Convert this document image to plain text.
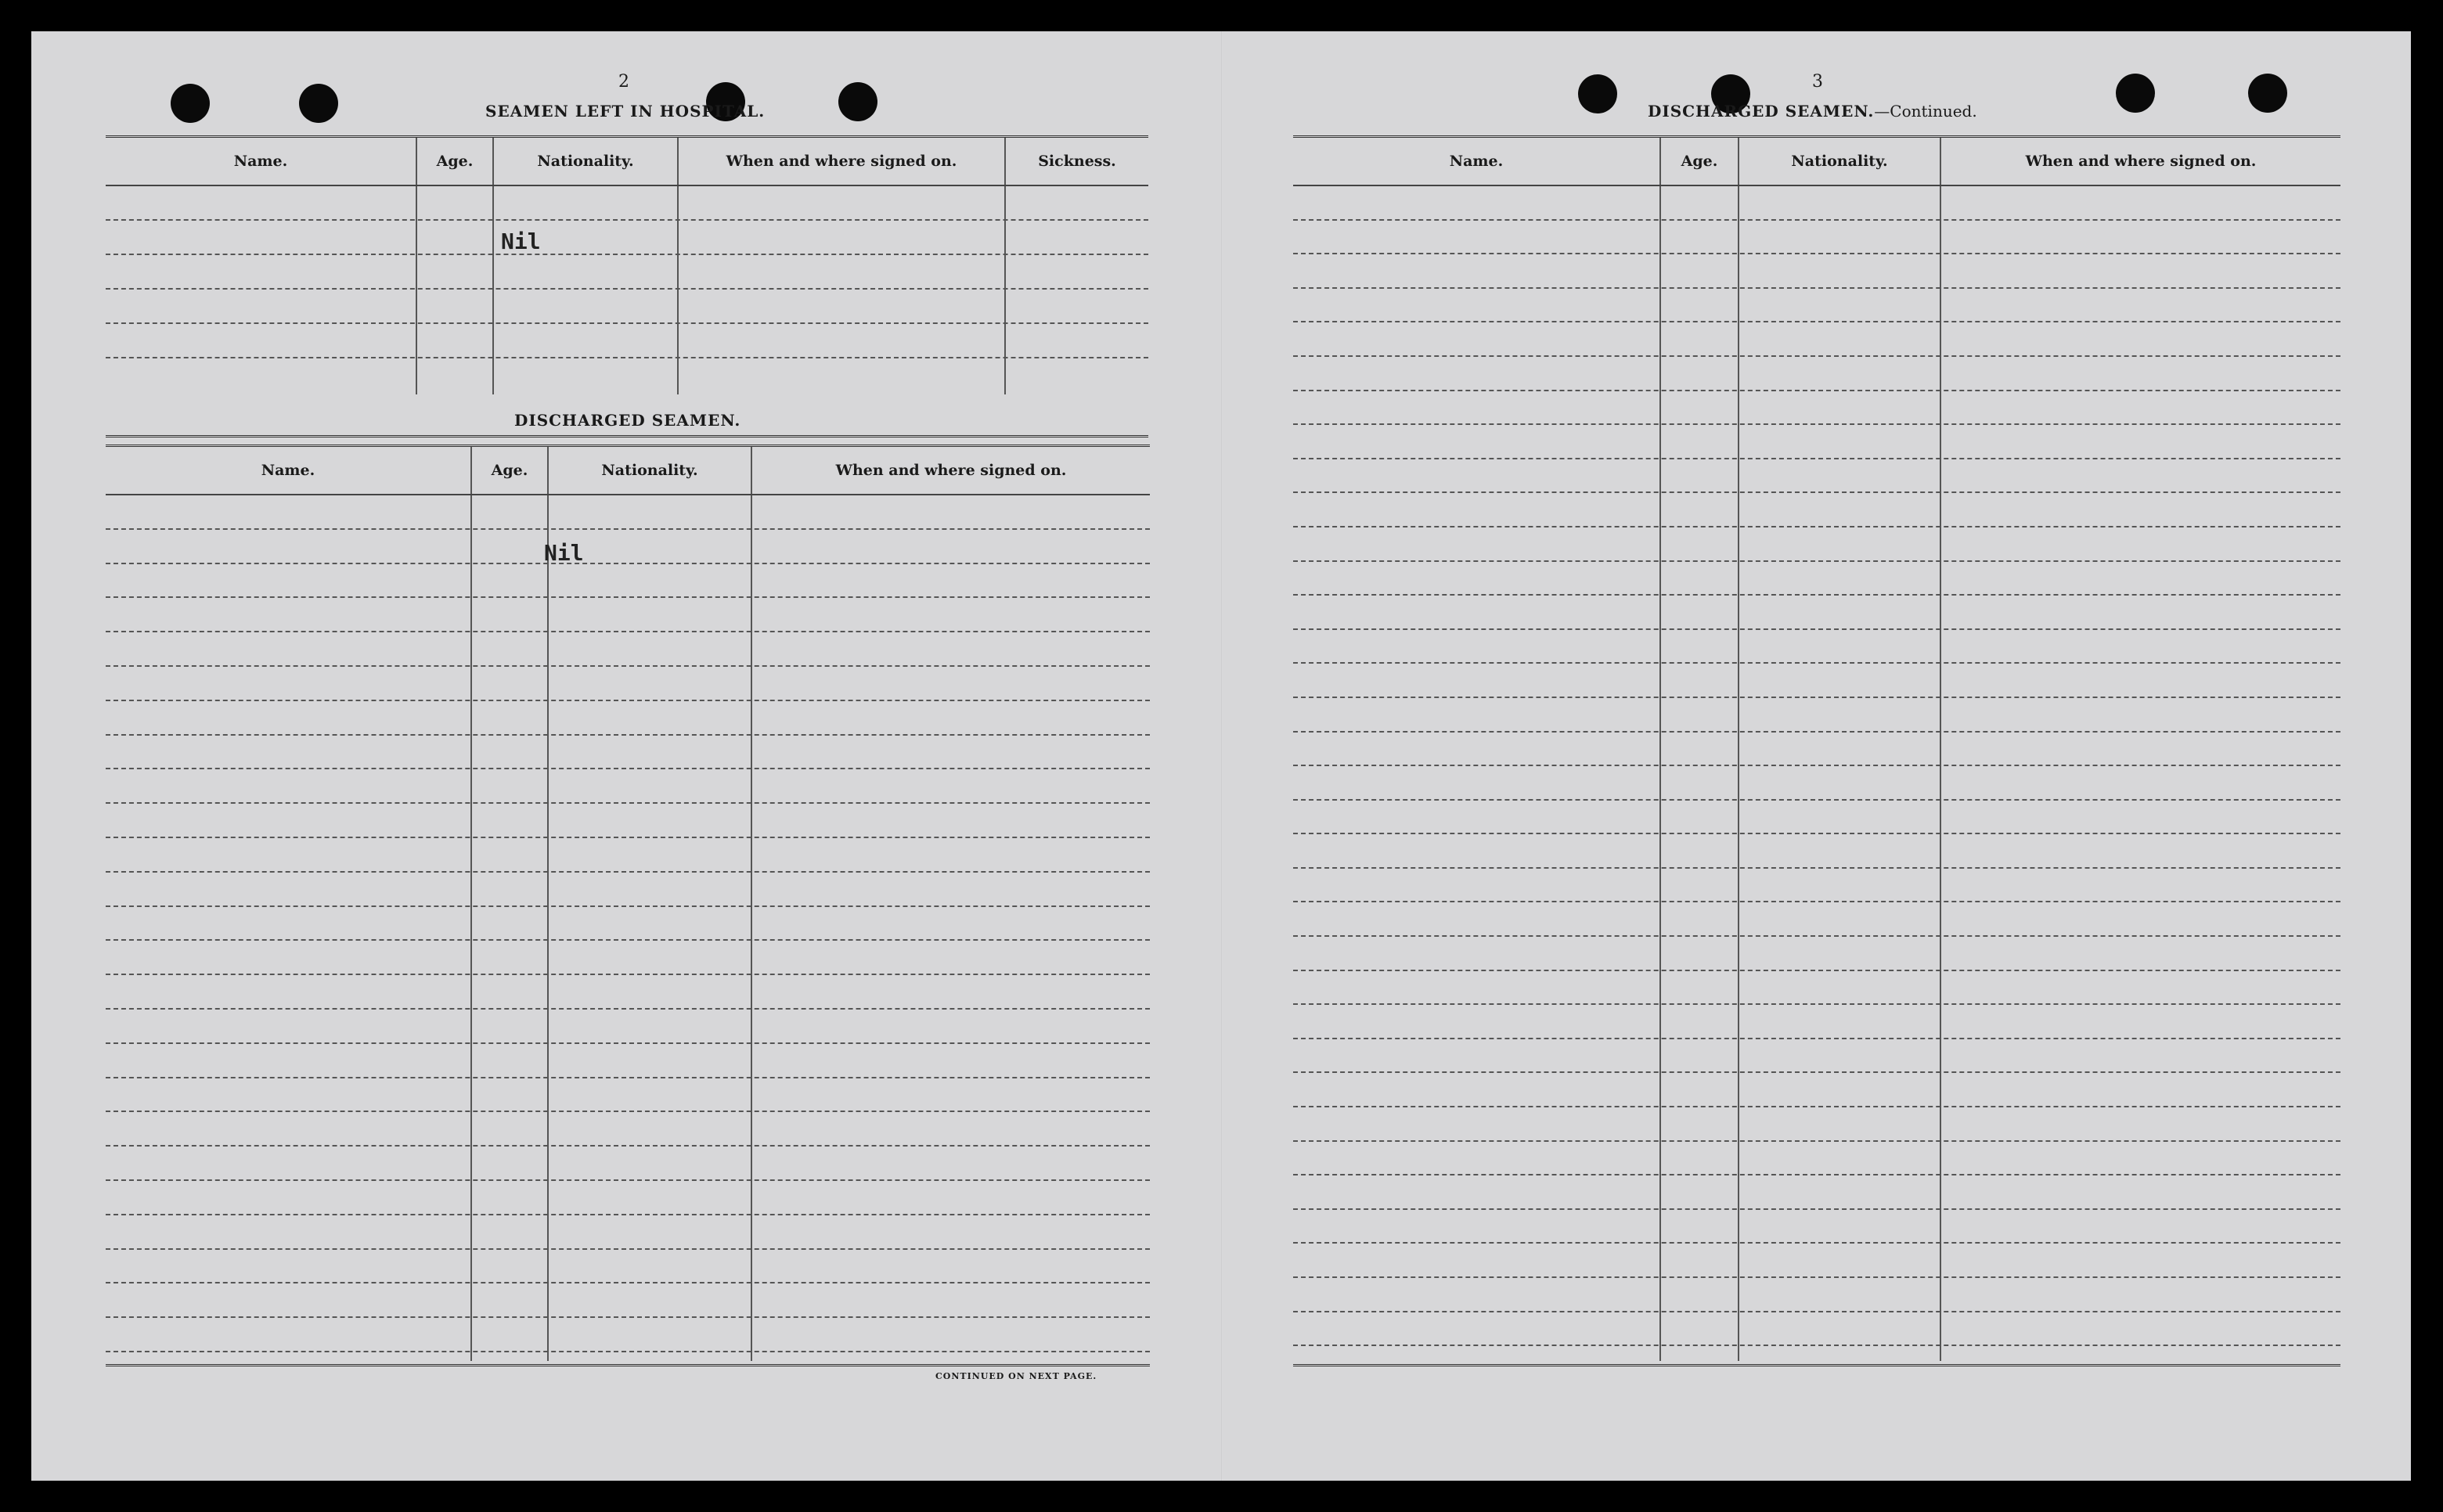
2
SEAMEN LEFT IN HOSPITAL.
Name.	Age.	Nationality.	When and where signed on.	Sickness.
Nil
DISCHARGED SEAMEN.
Name.	Age.	Nationality.	When and where signed on.
Nil
CONTINUED ON NEXT PAGE.
3
DISCHARGED SEAMEN.—Continued.
Name.	Age.	Nationality.	When and where signed on.
